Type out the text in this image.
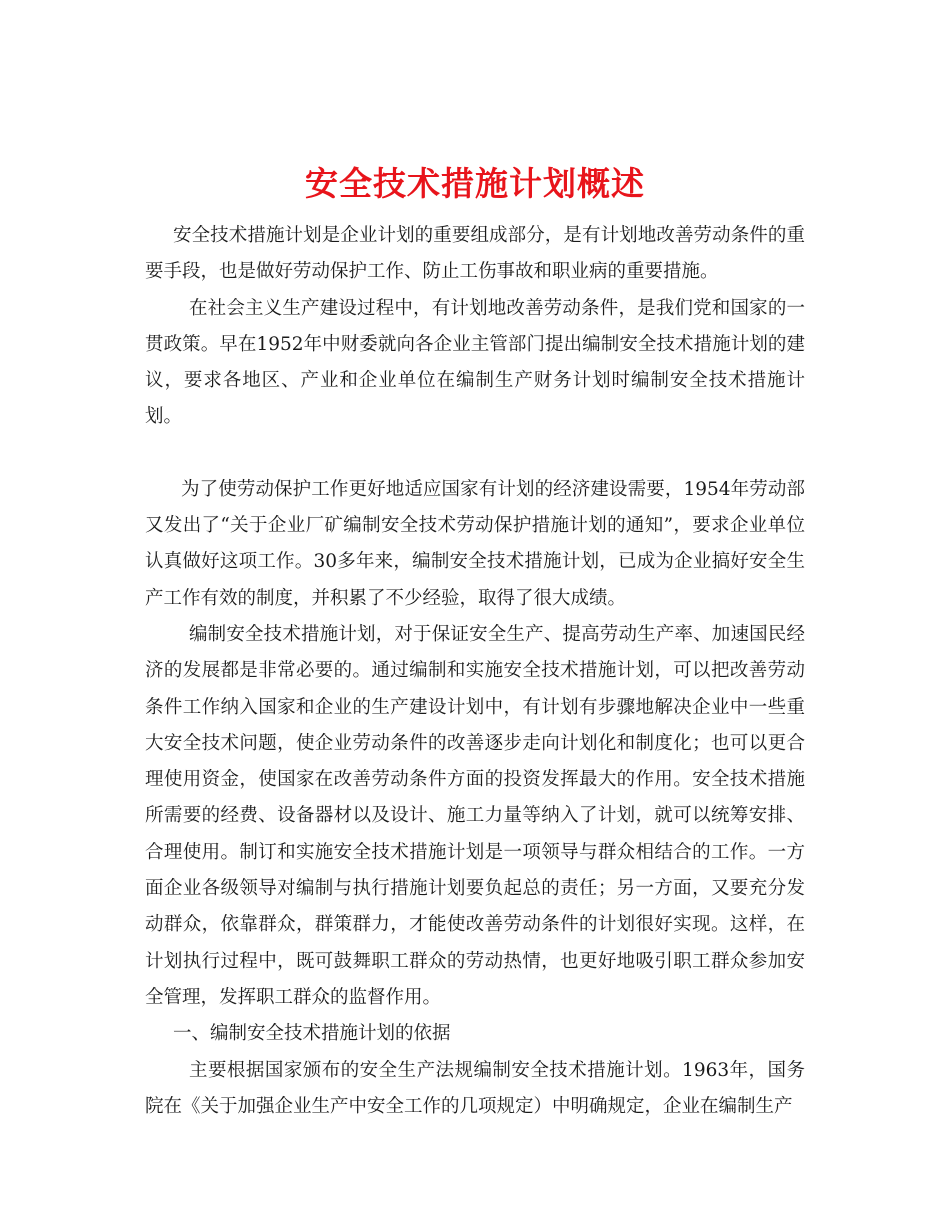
安全技术措施计划概述

安全技术措施计划是企业计划的重要组成部分，是有计划地改善劳动条件的重要手段，也是做好劳动保护工作、防止工伤事故和职业病的重要措施。

在社会主义生产建设过程中，有计划地改善劳动条件，是我们党和国家的一贯政策。早在1952年中财委就向各企业主管部门提出编制安全技术措施计划的建议，要求各地区、产业和企业单位在编制生产财务计划时编制安全技术措施计划。

为了使劳动保护工作更好地适应国家有计划的经济建设需要，1954年劳动部又发出了“关于企业厂矿编制安全技术劳动保护措施计划的通知”，要求企业单位认真做好这项工作。30多年来，编制安全技术措施计划，已成为企业搞好安全生产工作有效的制度，并积累了不少经验，取得了很大成绩。

编制安全技术措施计划，对于保证安全生产、提高劳动生产率、加速国民经济的发展都是非常必要的。通过编制和实施安全技术措施计划，可以把改善劳动条件工作纳入国家和企业的生产建设计划中，有计划有步骤地解决企业中一些重大安全技术问题，使企业劳动条件的改善逐步走向计划化和制度化；也可以更合理使用资金，使国家在改善劳动条件方面的投资发挥最大的作用。安全技术措施所需要的经费、设备器材以及设计、施工力量等纳入了计划，就可以统筹安排、合理使用。制订和实施安全技术措施计划是一项领导与群众相结合的工作。一方面企业各级领导对编制与执行措施计划要负起总的责任；另一方面，又要充分发动群众，依靠群众，群策群力，才能使改善劳动条件的计划很好实现。这样，在计划执行过程中，既可鼓舞职工群众的劳动热情，也更好地吸引职工群众参加安全管理，发挥职工群众的监督作用。

一、编制安全技术措施计划的依据

主要根据国家颁布的安全生产法规编制安全技术措施计划。1963年，国务院在《关于加强企业生产中安全工作的几项规定）中明确规定，企业在编制生产
